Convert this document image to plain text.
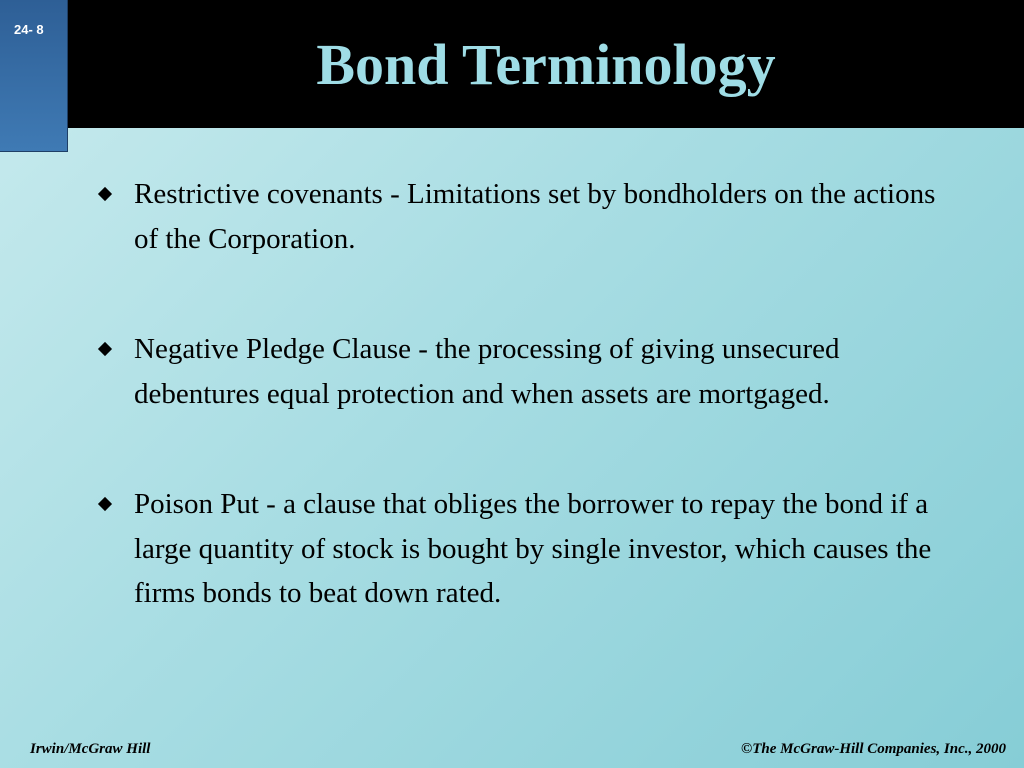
24- 8
Bond Terminology
Restrictive covenants - Limitations set by bondholders on the actions of the Corporation.
Negative Pledge Clause - the processing of giving unsecured debentures equal protection and when assets are mortgaged.
Poison Put - a clause that obliges the borrower to repay the bond if a large quantity of stock is bought by single investor, which causes the firms bonds to beat down rated.
Irwin/McGraw Hill	©The McGraw-Hill Companies, Inc., 2000
